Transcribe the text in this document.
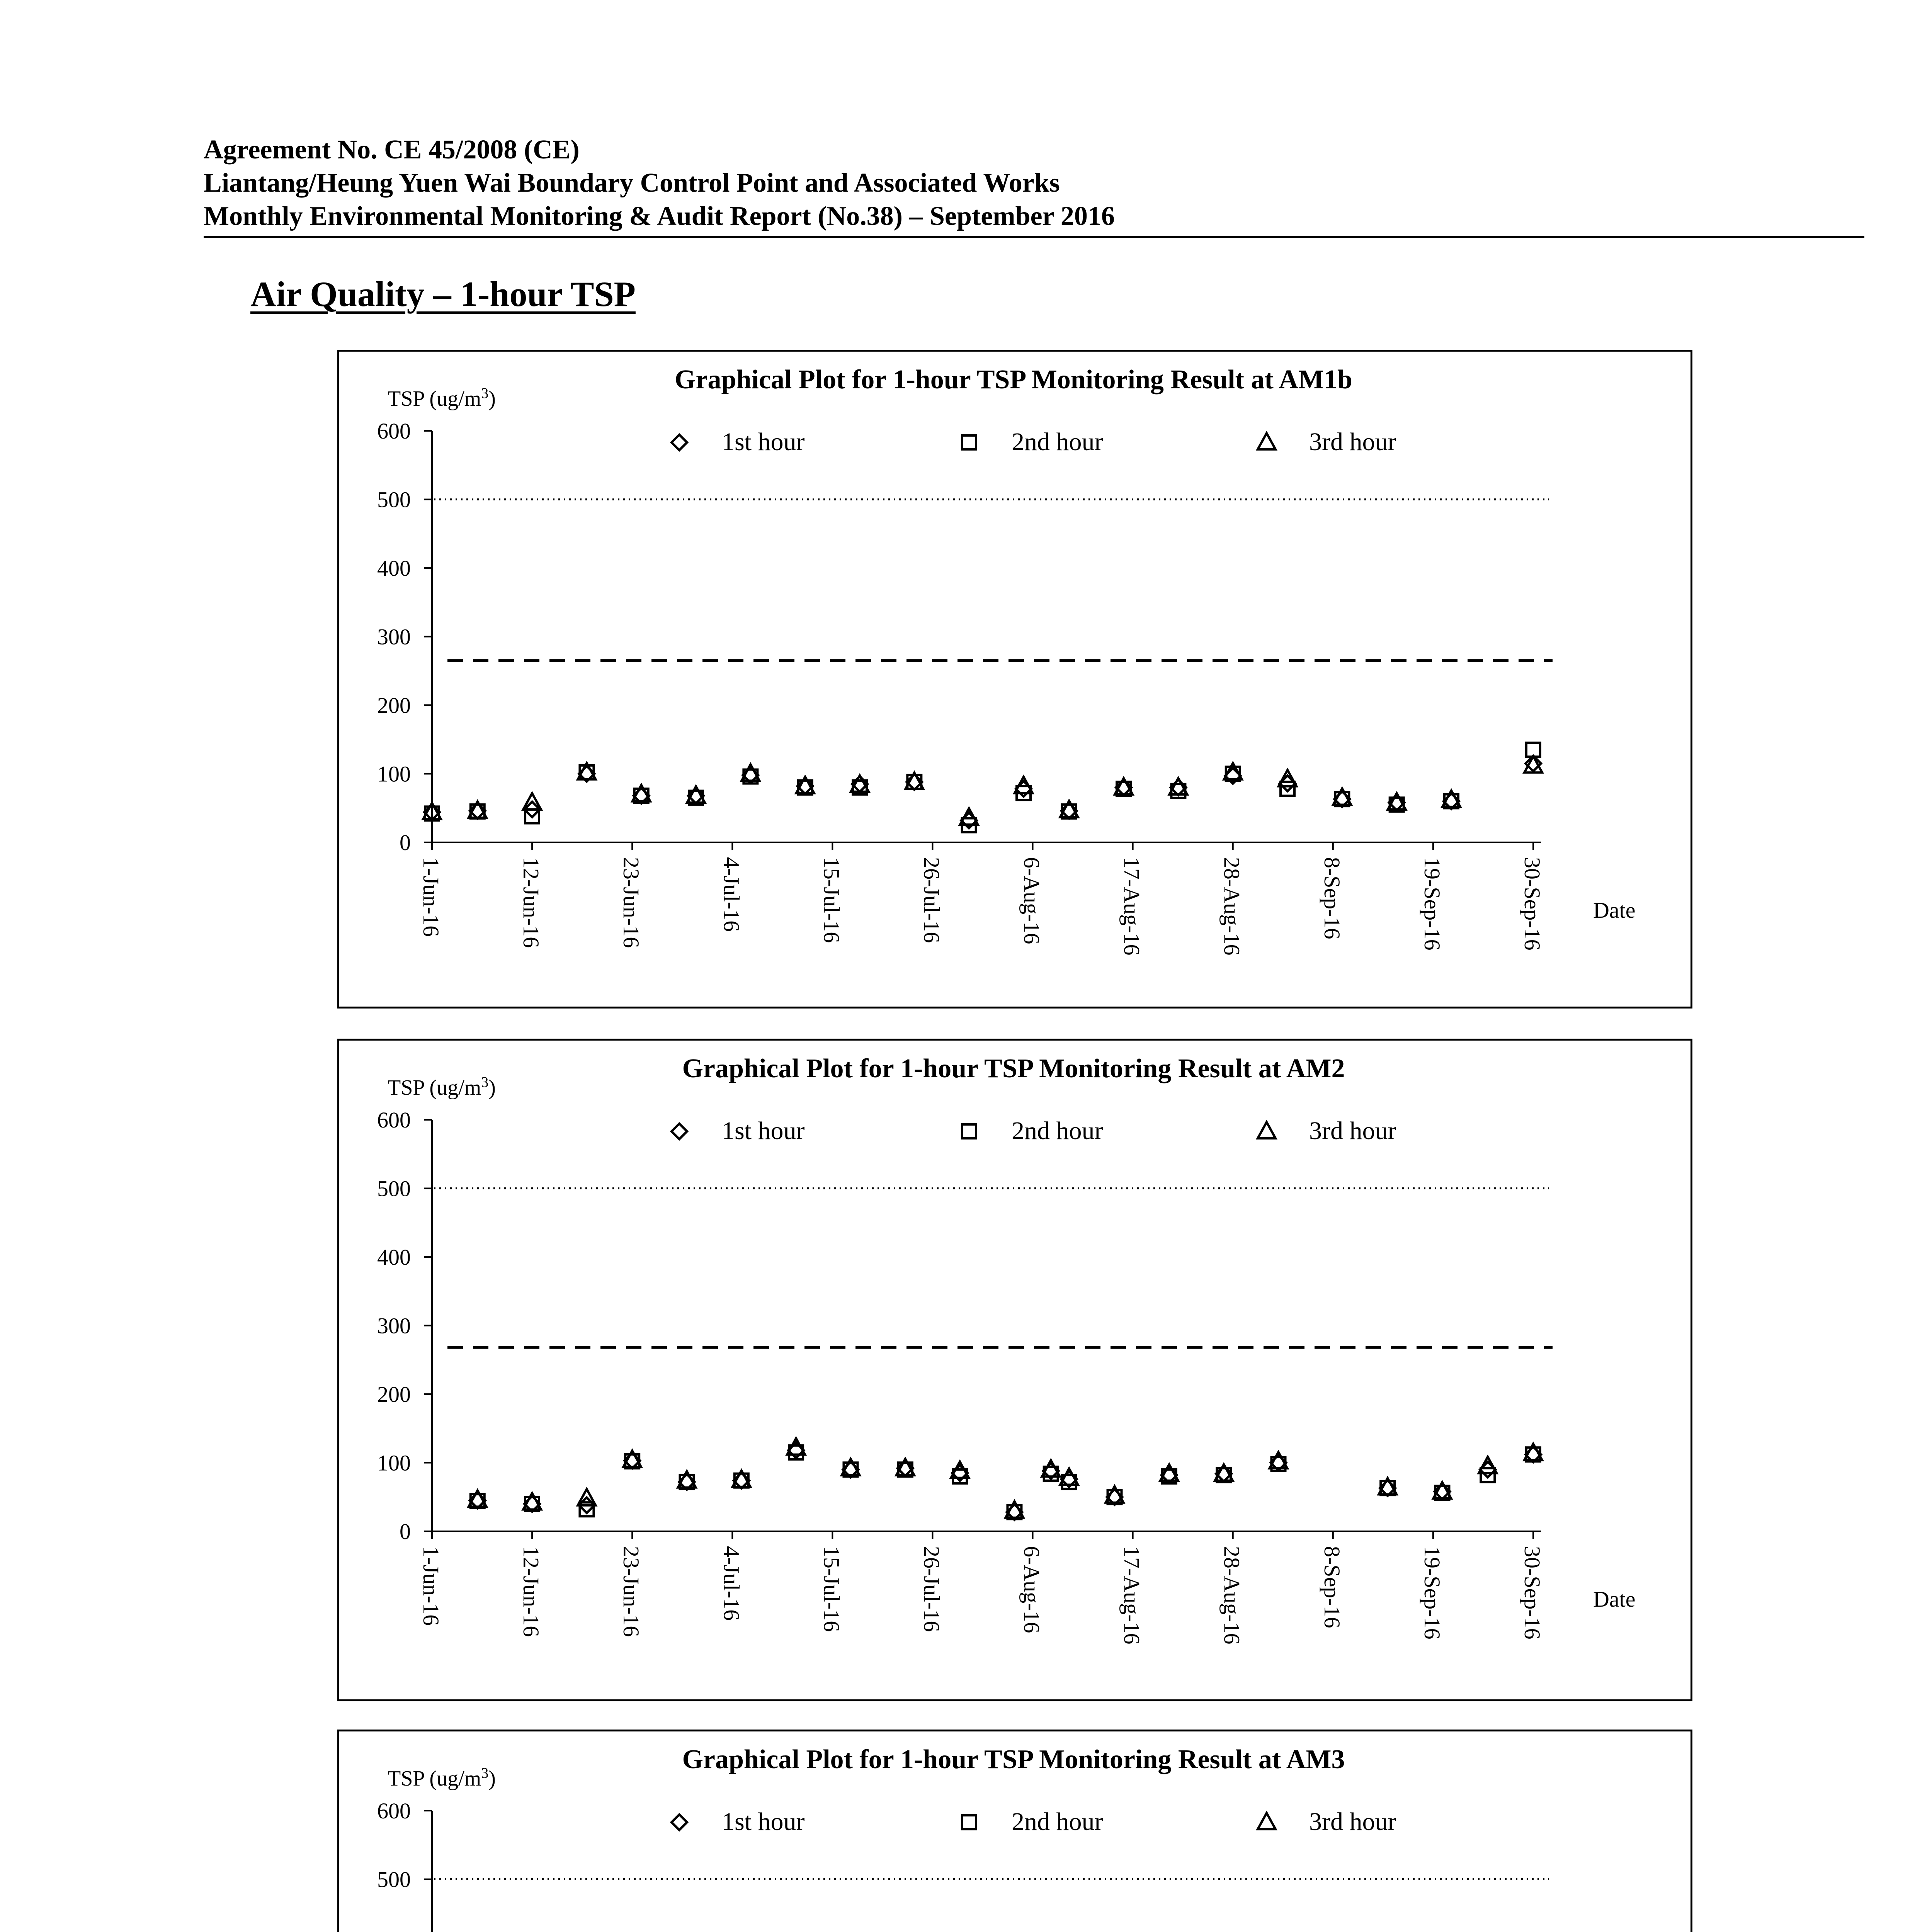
Agreement No. CE 45/2008 (CE)
Liantang/Heung Yuen Wai Boundary Control Point and Associated Works
Monthly Environmental Monitoring & Audit Report (No.38) – September 2016
Air Quality – 1-hour TSP
Graphical Plot for 1-hour TSP Monitoring Result at AM1b
TSP $(ug/m^3)$
1st hour	2nd hour	3rd hour
0
100
200
300
400
500
600
1-Jun-16	12-Jun-16	23-Jun-16	4-Jul-16	15-Jul-16	26-Jul-16	6-Aug-16	17-Aug-16	28-Aug-16	8-Sep-16	19-Sep-16	30-Sep-16 Date
Graphical Plot for 1-hour TSP Monitoring Result at AM2
TSP $(ug/m^3)$
1st hour	2nd hour	3rd hour
0
100
200
300
400
500
600
1-Jun-16	12-Jun-16	23-Jun-16	4-Jul-16	15-Jul-16	26-Jul-16	6-Aug-16	17-Aug-16	28-Aug-16	8-Sep-16	19-Sep-16	30-Sep-16 Date
Graphical Plot for 1-hour TSP Monitoring Result at AM3
TSP $(ug/m^3)$
1st hour	2nd hour	3rd hour
500
600
